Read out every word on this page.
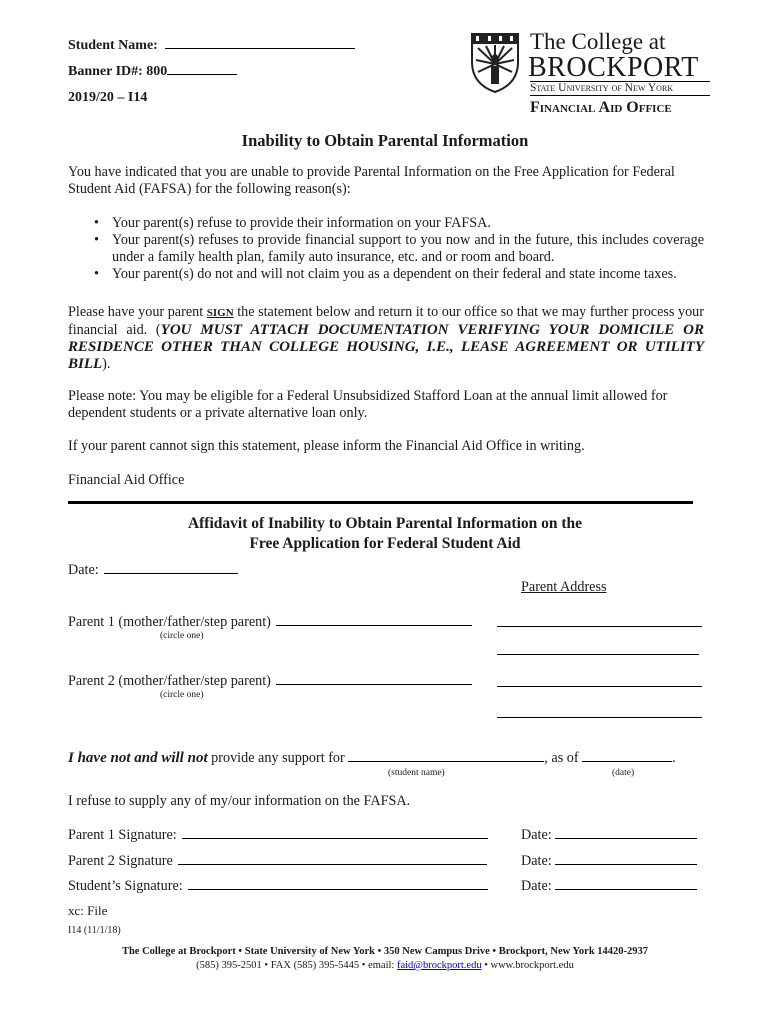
Student Name:
Banner ID#: 800
2019/20 – I14
The College at
BROCKPORT
State University of New York
Financial Aid Office
Inability to Obtain Parental Information
You have indicated that you are unable to provide Parental Information on the Free Application for Federal Student Aid (FAFSA) for the following reason(s):
• Your parent(s) refuse to provide their information on your FAFSA.
• Your parent(s) refuses to provide financial support to you now and in the future, this includes coverage under a family health plan, family auto insurance, etc. and or room and board.
• Your parent(s) do not and will not claim you as a dependent on their federal and state income taxes.
Please have your parent SIGN the statement below and return it to our office so that we may further process your financial aid. (YOU MUST ATTACH DOCUMENTATION VERIFYING YOUR DOMICILE OR RESIDENCE OTHER THAN COLLEGE HOUSING, I.E., LEASE AGREEMENT OR UTILITY BILL).
Please note: You may be eligible for a Federal Unsubsidized Stafford Loan at the annual limit allowed for dependent students or a private alternative loan only.
If your parent cannot sign this statement, please inform the Financial Aid Office in writing.
Financial Aid Office
Affidavit of Inability to Obtain Parental Information on the
Free Application for Federal Student Aid
Date:
Parent Address
Parent 1 (mother/father/step parent)
(circle one)
Parent 2 (mother/father/step parent)
(circle one)
I have not and will not provide any support for	, as of	.
(student name)	(date)
I refuse to supply any of my/our information on the FAFSA.
Parent 1 Signature:	Date:
Parent 2 Signature	Date:
Student’s Signature:	Date:
xc: File
I14 (11/1/18)
The College at Brockport • State University of New York • 350 New Campus Drive • Brockport, New York 14420-2937
(585) 395-2501 • FAX (585) 395-5445 • email: faid@brockport.edu • www.brockport.edu
